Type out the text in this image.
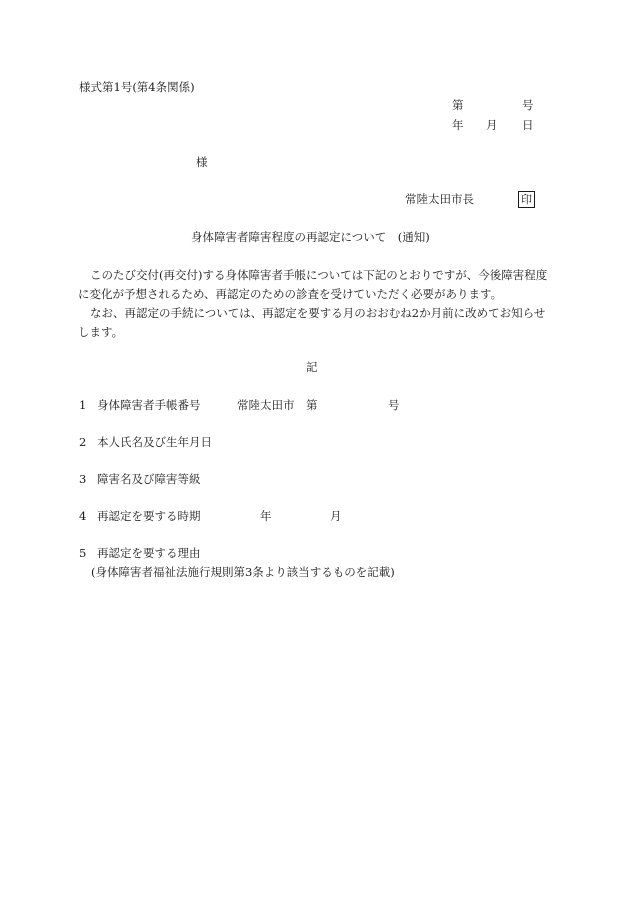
様式第1号(第4条関係)
第	号
年 月 日
様
常陸太田市長	印
身体障害者障害程度の再認定について　(通知)

このたび交付(再交付)する身体障害者手帳については下記のとおりですが、今後障害程度に変化が予想されるため、再認定のための診査を受けていただく必要があります。

なお、再認定の手続については、再認定を要する月のおおむね2か月前に改めてお知らせします。

記
1 身体障害者手帳番号	常陸太田市　第	号
2 本人氏名及び生年月日
3 障害名及び障害等級
4 再認定を要する時期	年	月
5 再認定を要する理由
(身体障害者福祉法施行規則第3条より該当するものを記載)
